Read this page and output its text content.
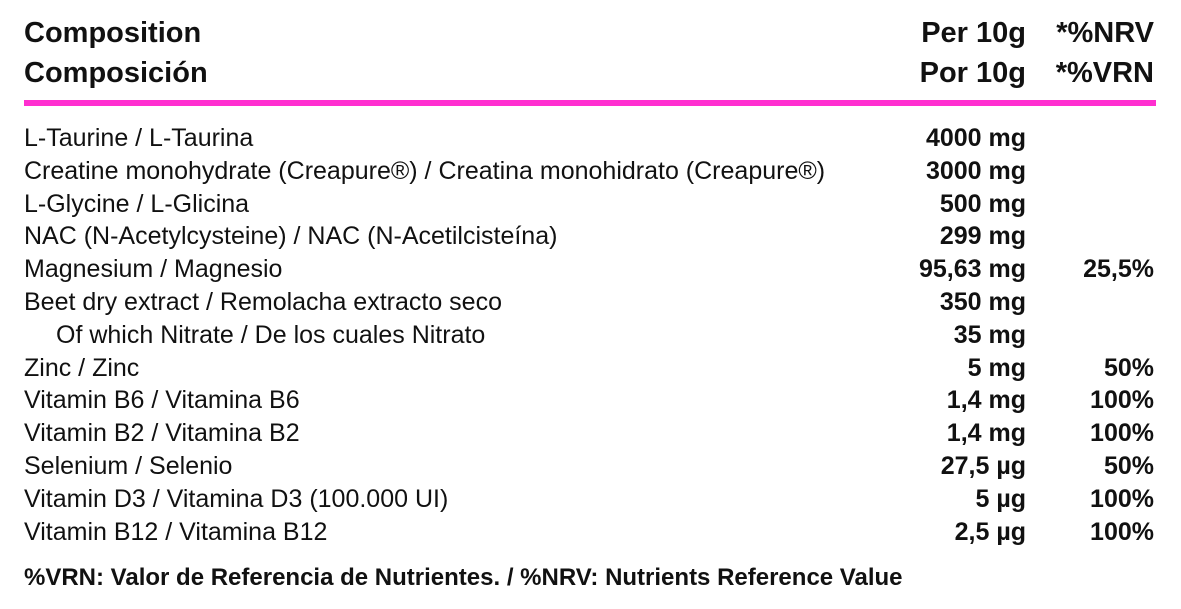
Composition	Per 10g *%NRV
Composición	Por 10g *%VRN
L-Taurine / L-Taurina	4000 mg
Creatine monohydrate (Creapure®) / Creatina monohidrato (Creapure®)	3000 mg
L-Glycine / L-Glicina	500 mg
NAC (N-Acetylcysteine) / NAC (N-Acetilcisteína)	299 mg
Magnesium / Magnesio	95,63 mg 25,5%
Beet dry extract / Remolacha extracto seco	350 mg
Of which Nitrate / De los cuales Nitrato	35 mg
Zinc / Zinc	5 mg	50%
Vitamin B6 / Vitamina B6	1,4 mg	100%
Vitamin B2 / Vitamina B2	1,4 mg	100%
Selenium / Selenio	27,5 µg	50%
Vitamin D3 / Vitamina D3 (100.000 UI)	5 µg	100%
Vitamin B12 / Vitamina B12	2,5 µg	100%
%VRN: Valor de Referencia de Nutrientes. / %NRV: Nutrients Reference Value
